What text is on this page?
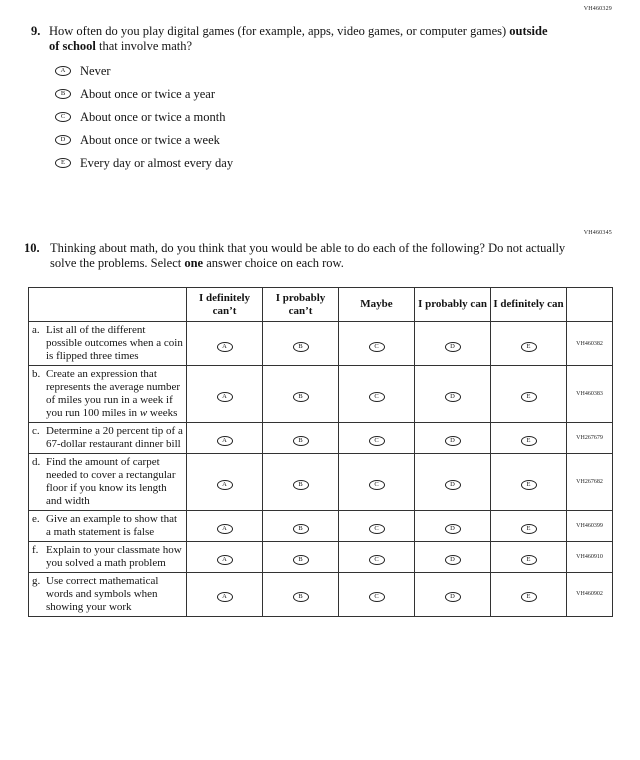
VH460329
9. How often do you play digital games (for example, apps, video games, or computer games) outside of school that involve math?
A	Never
B	About once or twice a year
C	About once or twice a month
D	About once or twice a week
E	Every day or almost every day
VH460345
10. Thinking about math, do you think that you would be able to do each of the following? Do not actually solve the problems. Select one answer choice on each row.
	I definitely can’t	I probably can’t	Maybe	I probably can	I definitely can	

a. List all of the different possible outcomes when a coin is flipped three times	A	B	C	D	E	VH460382

b. Create an expression that represents the average number of miles you run in a week if you run 100 miles in w weeks	A	B	C	D	E	VH460383

c. Determine a 20 percent tip of a 67-dollar restaurant dinner bill	A	B	C	D	E	VH267679

d. Find the amount of carpet needed to cover a rectangular floor if you know its length and width	A	B	C	D	E	VH267682

e. Give an example to show that a math statement is false	A	B	C	D	E	VH460399

f. Explain to your classmate how you solved a math problem	A	B	C	D	E	VH460910

g. Use correct mathematical words and symbols when showing your work	A	B	C	D	E	VH460902
